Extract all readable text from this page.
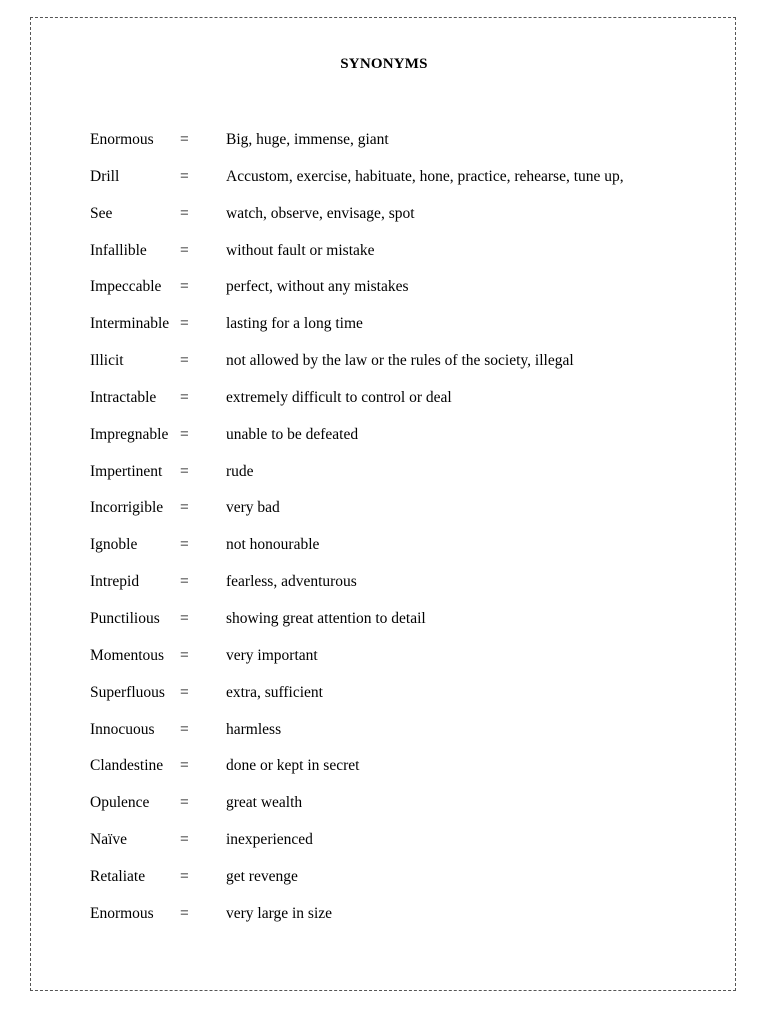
SYNONYMS
Enormous = Big, huge, immense, giant
Drill	= Accustom, exercise, habituate, hone, practice, rehearse, tune up,
See	= watch, observe, envisage, spot
Infallible = without fault or mistake
Impeccable = perfect, without any mistakes
Interminable = lasting for a long time
Illicit	= not allowed by the law or the rules of the society, illegal
Intractable = extremely difficult to control or deal
Impregnable = unable to be defeated
Impertinent = rude
Incorrigible = very bad
Ignoble	= not honourable
Intrepid	= fearless, adventurous
Punctilious = showing great attention to detail
Momentous = very important
Superfluous = extra, sufficient
Innocuous = harmless
Clandestine = done or kept in secret
Opulence = great wealth
Naïve	= inexperienced
Retaliate = get revenge
Enormous = very large in size
